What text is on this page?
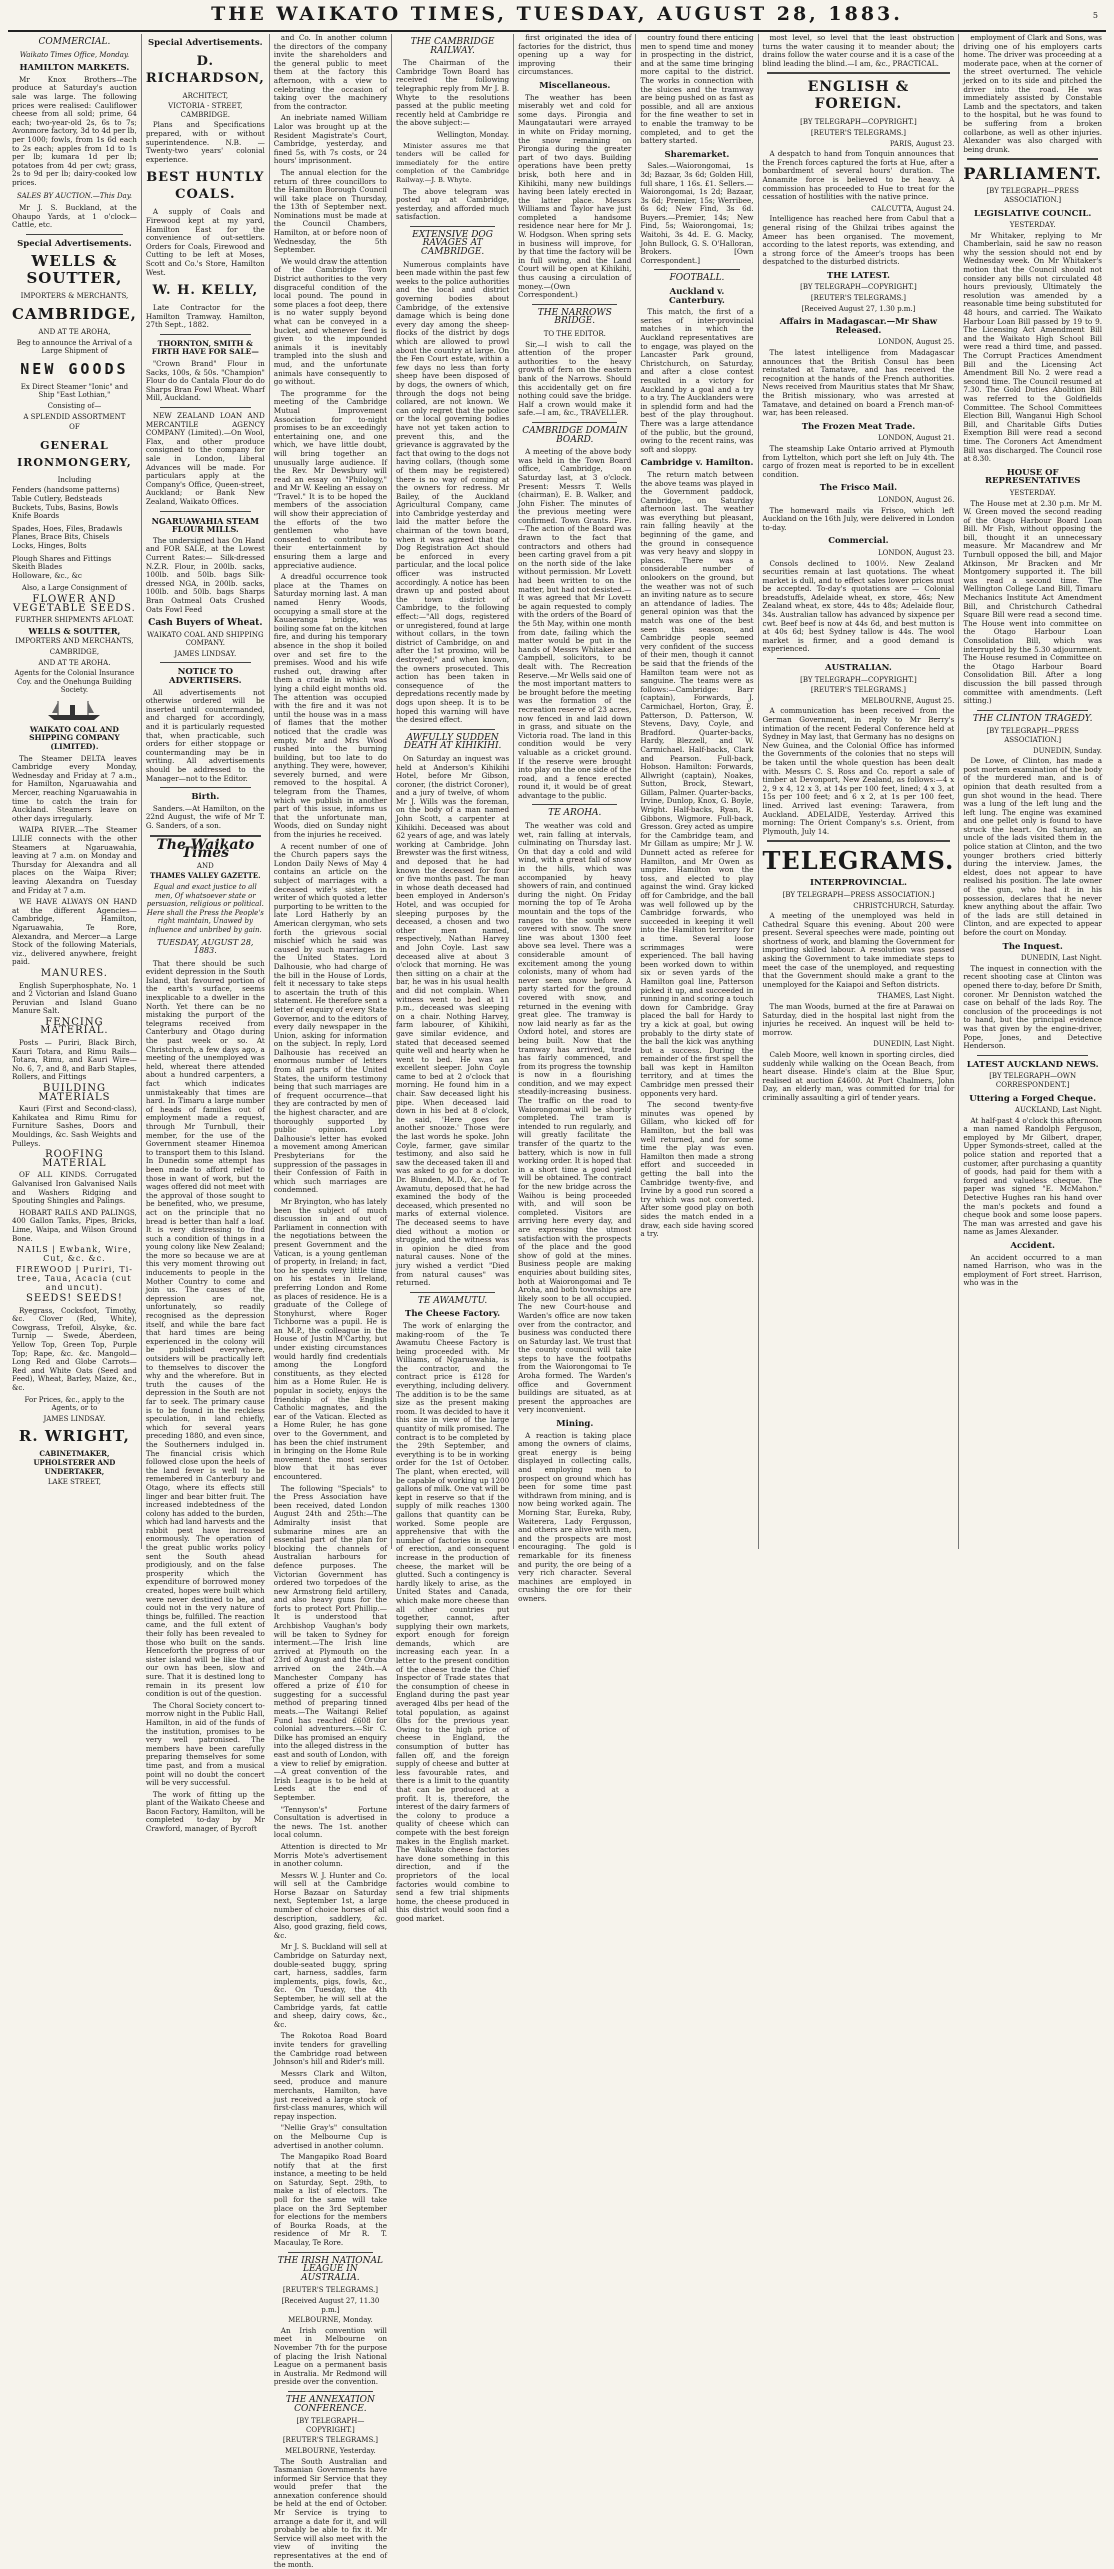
THE WAIKATO TIMES, TUESDAY, AUGUST 28, 1883.	5
COMMERCIAL.
Waikato Times Office, Monday.
HAMILTON MARKETS.

Mr Knox Brothers—The produce at Saturday's auction sale was large. The following prices were realised: Cauliflower cheese from all sold; prime, 64 each; two-year-old 2s, 6s to 7s; Avonmore factory, 3d to 4d per lb, per 1000; fowls, from 1s 6d each to 2s each; apples from 1d to 1s per lb; kumara 1d per lb; potatoes from 4d per cwt; grass, 2s to 9d per lb; dairy-cooked low prices.

SALES BY AUCTION.—This Day.

Mr J. S. Buckland, at the Ohaupo Yards, at 1 o'clock—Cattle, etc.

Special Advertisements.
WELLS & SOUTTER,
IMPORTERS & MERCHANTS,
CAMBRIDGE,
AND AT TE AROHA,
Beg to announce the Arrival of a Large Shipment of
NEW GOODS
Ex Direct Steamer "Ionic" and Ship "East Lothian,"
Consisting of—
A SPLENDID ASSORTMENT
OF
GENERAL IRONMONGERY,
Including
Fenders (handsome patterns)
Table Cutlery, Bedsteads
Buckets, Tubs, Basins, Bowls
Knife Boards
Spades, Hoes, Files, Bradawls
Planes, Brace Bits, Chisels
Locks, Hinges, Bolts
Plough Shares and Fittings
Skeith Blades
Holloware, &c., &c
Also, a Large Consignment of
FLOWER AND VEGETABLE SEEDS.
FURTHER SHIPMENTS AFLOAT.
WELLS & SOUTTER,
IMPORTERS AND MERCHANTS,
CAMBRIDGE,
AND AT TE AROHA.
Agents for the Colonial Insurance Coy. and the Onehunga Building Society.
WAIKATO COAL AND SHIPPING COMPANY (LIMITED).

The Steamer DELTA leaves Cambridge every Monday, Wednesday and Friday at 7 a.m., for Hamilton, Ngaruawahia and Mercer, reaching Ngaruawahia in time to catch the train for Auckland. Steamers leave on other days irregularly.

WAIPA RIVER.—The Steamer LILIE connects with the other Steamers at Ngaruawahia, leaving at 7 a.m. on Monday and Thursday for Alexandra and all places on the Waipa River; leaving Alexandra on Tuesday and Friday at 7 a.m.

WE HAVE ALWAYS ON HAND at the different Agencies—Cambridge, Hamilton, Ngaruawahia, Te Rore, Alexandra, and Mercer—a Large Stock of the following Materials, viz., delivered anywhere, freight paid.

MANURES.

English Superphosphate, No. 1 and 2 Victorian and Island Guano Peruvian and Island Guano Manure Salt.

FENCING MATERIAL.

Posts — Puriri, Black Birch, Kauri Totara, and Rimu Rails—Totara, Rimu, and Kauri Wire—No. 6, 7, and 8, and Barb Staples, Rollers, and Fittings

BUILDING MATERIALS

Kauri (First and Second-class), Kahikatea and Rimu Rimu for Furniture Sashes, Doors and Mouldings, &c. Sash Weights and Pulleys.

ROOFING MATERIAL

OF ALL KINDS. Corrugated Galvanised Iron Galvanised Nails and Washers Ridging and Spouting Shingles and Palings.

HOBART RAILS AND PALINGS, 400 Gallon Tanks, Pipes, Bricks, Lime, Waipa, and Wilson Ground Bone.

NAILS | Ewbank, Wire, Cut, &c. &c.
FIREWOOD | Puriri, Ti-tree, Taua, Acacia (cut and uncut).
SEEDS! SEEDS!

Ryegrass, Cocksfoot, Timothy, &c. Clover (Red, White), Cowgrass, Trefoil, Alsyke, &c. Turnip — Swede, Aberdeen, Yellow Top, Green Top, Purple Top; Rape, &c. &c. Mangold—Long Red and Globe Carrots—Red and White Oats (Seed and Feed), Wheat, Barley, Maize, &c., &c.

For Prices, &c., apply to the Agents, or to
JAMES LINDSAY.
R. WRIGHT,
CABINETMAKER, UPHOLSTERER AND UNDERTAKER,
LAKE STREET,
Special Advertisements.
D. RICHARDSON,
ARCHITECT,
VICTORIA - STREET, CAMBRIDGE.

Plans and Specifications prepared, with or without superintendence. N.B. — Twenty-two years' colonial experience.

BEST HUNTLY COALS.

A supply of Coals and Firewood kept at my yard, Hamilton East for the convenience of out-settlers. Orders for Coals, Firewood and Cutting to be left at Moses, Scott and Co.'s Store, Hamilton West.

W. H. KELLY,

Late Contractor for the Hamilton Tramway. Hamilton, 27th Sept., 1882.

THORNTON, SMITH & FIRTH HAVE FOR SALE—

"Crown Brand" Flour in Sacks, 100s, & 50s. "Champion" Flour do do Cantala Flour do do Sharps Bran Fowl Wheat. Wharf Mill, Auckland.

NEW ZEALAND LOAN AND MERCANTILE AGENCY COMPANY (Limited).—On Wool, Flax, and other produce consigned to the company for sale in London, Liberal Advances will be made. For particulars apply at the Company's Office, Queen-street, Auckland; or Bank New Zealand, Waikato Offices.

NGARUAWAHIA STEAM FLOUR MILLS.

The undersigned has On Hand and FOR SALE, at the Lowest Current Rates:— Silk-dressed N.Z.R. Flour, in 200lb. sacks, 100lb. and 50lb. bags Silk-dressed NGA, in 200lb. sacks, 100lb. and 50lb. bags Sharps Bran Oatmeal Oats Crushed Oats Fowl Feed

Cash Buyers of Wheat.
WAIKATO COAL AND SHIPPING COMPANY.
JAMES LINDSAY.
NOTICE TO ADVERTISERS.

All advertisements not otherwise ordered will be inserted until countermanded, and charged for accordingly, and it is particularly requested that, when practicable, such orders for either stoppage or countermanding may be in writing. All advertisements should be addressed to the Manager—not to the Editor.

Birth.

Sanders.—At Hamilton, on the 22nd August, the wife of Mr T. G. Sanders, of a son.

The Waikato Times
AND
THAMES VALLEY GAZETTE.
Equal and exact justice to all men, Of whatsoever state or persuasion, religious or political. Here shall the Press the People's right maintain, Unawed by influence and unbribed by gain.
TUESDAY, AUGUST 28, 1883.

That there should be such evident depression in the South Island, that favoured portion of the earth's surface, seems inexplicable to a dweller in the North. Yet there can be no mistaking the purport of the telegrams received from Canterbury and Otago during the past week or so. At Christchurch, a few days ago, a meeting of the unemployed was held, whereat there attended about a hundred carpenters, a fact which indicates unmistakeably that times are hard. In Timaru a large number of heads of families out of employment made a request, through Mr Turnbull, their member, for the use of the Government steamer Hinemoa to transport them to this Island. In Dunedin some attempt has been made to afford relief to those in want of work, but the wages offered did not meet with the approval of those sought to be benefited, who, we presume, act on the principle that no bread is better than half a loaf. It is very distressing to find such a condition of things in a young colony like New Zealand; the more so because we are at this very moment throwing out inducements to people in the Mother Country to come and join us. The causes of the depression are not, unfortunately, so readily recognised as the depression itself, and while the bare fact that hard times are being experienced in the colony will be published everywhere, outsiders will be practically left to themselves to discover the why and the wherefore. But in truth the causes of the depression in the South are not far to seek. The primary cause is to be found in the reckless speculation, in land chiefly, which for several years preceding 1880, and even since, the Southerners indulged in. The financial crisis which followed close upon the heels of the land fever is well to be remembered in Canterbury and Otago, where its effects still linger and bear bitter fruit. The increased indebtedness of the colony has added to the burden, which had land harvests and the rabbit pest have increased enormously. The operation of the great public works policy sent the South ahead prodigiously, and on the false prosperity which the expenditure of borrowed money created, hopes were built which were never destined to be, and could not in the very nature of things be, fulfilled. The reaction came, and the full extent of their folly has been revealed to those who built on the sands. Henceforth the progress of our sister island will be like that of our own has been, slow and sure. That it is destined long to remain in its present low condition is out of the question.

The Choral Society concert to-morrow night in the Public Hall, Hamilton, in aid of the funds of the institution, promises to be very well patronised. The members have been carefully preparing themselves for some time past, and from a musical point will no doubt the concert will be very successful.

The work of fitting up the plant of the Waikato Cheese and Bacon Factory, Hamilton, will be completed to-day by Mr Crawford, manager, of Bycroft

and Co. In another column the directors of the company invite the shareholders and the general public to meet them at the factory this afternoon, with a view to celebrating the occasion of taking over the machinery from the contractor.

An inebriate named William Lalor was brought up at the Resident Magistrate's Court, Cambridge, yesterday, and fined 5s, with 7s costs, or 24 hours' imprisonment.

The annual election for the return of three councillors to the Hamilton Borough Council will take place on Thursday, the 13th of September next. Nominations must be made at the Council Chambers, Hamilton, at or before noon of Wednesday, the 5th September.

We would draw the attention of the Cambridge Town District authorities to the very disgraceful condition of the local pound. The pound in some places a foot deep, there is no water supply beyond what can be conveyed in a bucket, and whenever feed is given to the impounded animals it is inevitably trampled into the slush and mud, and the unfortunate animals have consequently to go without.

The programme for the meeting of the Cambridge Mutual Improvement Association for to-night promises to be an exceedingly entertaining one, and one which, we have little doubt, will bring together an unusually large audience. If the Rev. Mr Dewsbury will read an essay on "Philology," and Mr W. Keeling an essay on "Travel." It is to be hoped the members of the association will show their appreciation of the efforts of the two gentlemen who have consented to contribute to their entertainment by ensuring them a large and appreciative audience.

A dreadful occurrence took place at the Thames on Saturday morning last. A man named Henry Woods, occupying a small store at the Kauaeranga bridge, was boiling some fat on the kitchen fire, and during his temporary absence in the shop it boiled over and set fire to the premises. Wood and his wife rushed out, drawing after them a cradle in which was lying a child eight months old. The attention was occupied with the fire and it was not until the house was in a mass of flames that the mother noticed that the cradle was empty. Mr and Mrs Wood rushed into the burning building, but too late to do anything. They were, however, severely burned, and were removed to the hospital. A telegram from the Thames, which we publish in another part of this issue, informs us that the unfortunate man, Woods, died on Sunday night from the injuries he received.

A recent number of one of the Church papers says the London Daily News of May 4 contains an article on the subject of marriages with a deceased wife's sister, the writer of which quoted a letter purporting to be written to the late Lord Hatherly by an American clergyman, who sets forth the grievous social mischief which he said was caused by such marriages in the United States. Lord Dalhousie, who had charge of the bill in the House of Lords, felt it necessary to take steps to ascertain the truth of this statement. He therefore sent a letter of enquiry of every State Governor, and to the editors of every daily newspaper in the Union, asking for information on the subject. In reply, Lord Dalhousie has received an enormous number of letters from all parts of the United States, the uniform testimony being that such marriages are of frequent occurrence—that they are contracted by men of the highest character, and are thoroughly supported by public opinion. Lord Dalhousie's letter has evoked a movement among American Presbyterians for the suppression of the passages in their Confession of Faith in which such marriages are condemned.

Mr Bryington, who has lately been the subject of much discussion in and out of Parliament in connection with the negotiations between the present Government and the Vatican, is a young gentleman of property, in Ireland; in fact, too he spends very little time on his estates in Ireland, preferring London and Rome as places of residence. He is a graduate of the College of Stonyhurst, where Roger Tichborne was a pupil. He is an M.P., the colleague in the House of Justin M'Carthy, but under existing circumstances would hardly find credentials among the Longford constituents, as they elected him as a Home Ruler. He is popular in society, enjoys the friendship of the English Catholic magnates, and the ear of the Vatican. Elected as a Home Ruler, he has gone over to the Government, and has been the chief instrument in bringing on the Home Rule movement the most serious blow that it has ever encountered.

The following "Specials" to the Press Association have been received, dated London August 24th and 25th:—The Admiralty insist that submarine mines are an essential part of the plan for blocking the channels of Australian harbours for defence purposes. The Victorian Government has ordered two torpedoes of the new Armstrong field artillery, and also heavy guns for the forts to protect Port Phillip.—It is understood that Archbishop Vaughan's body will be taken to Sydney for interment.—The Irish line arrived at Plymouth on the 23rd of August and the Oruba arrived on the 24th.—A Manchester Company has offered a prize of £10 for suggesting for a successful method of preparing tinned meats.—The Waitangi Relief Fund has reached £608 for colonial adventurers.—Sir C. Dilke has promised an enquiry into the alleged distress in the east and south of London, with a view to relief by emigration.—A great convention of the Irish League is to be held at Leeds at the end of September.

"Tennyson's" Fortune Consultation is advertised in the news. The 1st. another local column.

Attention is directed to Mr Morris Mote's advertisement in another column.

Messrs W. J. Hunter and Co. will sell at the Cambridge Horse Bazaar on Saturday next, September 1st, a large number of choice horses of all description, saddlery, &c. Also, good grazing, field cows, &c.

Mr J. S. Buckland will sell at Cambridge on Saturday next, double-seated buggy, spring cart, harness, saddles, farm implements, pigs, fowls, &c., &c. On Tuesday, the 4th September, he will sell at the Cambridge yards, fat cattle and sheep, dairy cows, &c., &c.

The Rokotoa Road Board invite tenders for gravelling the Cambridge road between Johnson's hill and Rider's mill.

Messrs Clark and Wilton, seed, produce and manure merchants, Hamilton, have just received a large stock of first-class manures, which will repay inspection.

"Nellie Gray's" consultation on the Melbourne Cup is advertised in another column.

The Mangapiko Road Board notify that at the first instance, a meeting to be held on Saturday, Sept. 29th, to make a list of electors. The poll for the same will take place on the 3rd September for elections for the members of Bourka Roads, at the residence of Mr R. T. Macaulay, Te Rore.

THE IRISH NATIONAL LEAGUE IN AUSTRALIA.
[REUTER'S TELEGRAMS.]
[Received August 27, 11.30 p.m.]
MELBOURNE, Monday.

An Irish convention will meet in Melbourne on November 7th for the purpose of placing the Irish National League on a permanent basis in Australia. Mr Redmond will preside over the convention.

THE ANNEXATION CONFERENCE.
[BY TELEGRAPH—COPYRIGHT.]
[REUTER'S TELEGRAMS.]
MELBOURNE, Yesterday.

The South Australian and Tasmanian Governments have informed Sir Service that they would prefer that the annexation conference should be held at the end of October. Mr Service is trying to arrange a date for it, and will probably be able to fix it. Mr Service will also meet with the view of inviting the representatives at the end of the month.

THE CAMBRIDGE RAILWAY.

The Chairman of the Cambridge Town Board has received the following telegraphic reply from Mr J. B. Whyte to the resolutions passed at the public meeting recently held at Cambridge re the above subject:—

Wellington, Monday.

Minister assures me that tenders will be called for immediately for the entire completion of the Cambridge Railway.—J. B. Whyte.

The above telegram was posted up at Cambridge, yesterday, and afforded much satisfaction.

EXTENSIVE DOG RAVAGES AT CAMBRIDGE.

Numerous complaints have been made within the past few weeks to the police authorities and the local and district governing bodies about Cambridge, of the extensive damage which is being done every day among the sheep-flocks of the district by dogs which are allowed to prowl about the country at large. On the Fen Court estate, within a few days no less than forty sheep have been disposed of by dogs, the owners of which, through the dogs not being collared, are not known. We can only regret that the police or the local governing bodies have not yet taken action to prevent this, and the grievance is aggravated by the fact that owing to the dogs not having collars, (though some of them may be registered) there is no way of coming at the owners for redress. Mr Bailey, of the Auckland Agricultural Company, came into Cambridge yesterday and laid the matter before the chairman of the town board, when it was agreed that the Dog Registration Act should be enforced in every particular, and the local police officer was instructed accordingly. A notice has been drawn up and posted about the town district of Cambridge, to the following effect:—"All dogs, registered or unregistered, found at large without collars, in the town district of Cambridge, on and after the 1st proximo, will be destroyed;" and when known, the owners prosecuted. This action has been taken in consequence of the depredations recently made by dogs upon sheep. It is to be hoped this warning will have the desired effect.

AWFULLY SUDDEN DEATH AT KIHIKIHI.

On Saturday an inquest was held at Anderson's Kihikihi Hotel, before Mr Gibson, coroner, (the district Coroner), and a jury of twelve, of whom Mr J. Wills was the foreman, on the body of a man named John Scott, a carpenter at Kihikihi. Deceased was about 62 years of age, and was lately working at Cambridge. John Brewster was the first witness, and deposed that he had known the deceased for four or five months past. The man in whose death deceased had been employed in Anderson's Hotel, and was occupied for sleeping purposes by the deceased, a chosen and two other men named, respectively, Nathan Harvey and John Coyle. Last saw deceased alive at about 3 o'clock that morning. He was then sitting on a chair at the bar, he was in his usual health and did not complain. When witness went to bed at 11 p.m., deceased was sleeping on a chair. Nothing Harvey, farm labourer, of Kihikihi, gave similar evidence, and stated that deceased seemed quite well and hearty when he went to bed. He was an excellent sleeper. John Coyle came to bed at 2 o'clock that morning. He found him in a chair. Saw deceased light his pipe. When deceased laid down in his bed at 8 o'clock, he said, 'Here goes for another snooze.' Those were the last words he spoke. John Coyle, farmer, gave similar testimony, and also said he saw the deceased taken ill and was asked to go for a doctor. Dr. Blunden, M.D., &c., of Te Awamutu, deposed that he had examined the body of the deceased, which presented no marks of external violence. The deceased seems to have died without a motion or struggle, and the witness was in opinion he died from natural causes. None of the jury wished a verdict "Died from natural causes" was returned.

TE AWAMUTU.
The Cheese Factory.

The work of enlarging the making-room of the Te Awamutu Cheese Factory is being proceeded with. Mr Williams, of Ngaruawahia, is the contractor, and the contract price is £128 for everything, including delivery. The addition is to be the same size as the present making room. It was decided to have it this size in view of the large quantity of milk promised. The contract is to be completed by the 29th September, and everything is to be in working order for the 1st of October. The plant, when erected, will be capable of working up 1200 gallons of milk. One vat will be kept in reserve so that if the supply of milk reaches 1300 gallons that quantity can be worked. Some people are apprehensive that with the number of factories in course of erection, and consequent increase in the production of cheese, the market will be glutted. Such a contingency is hardly likely to arise, as the United States and Canada, which make more cheese than all other countries put together, cannot, after supplying their own markets, export enough for foreign demands, which are increasing each year. In a letter to the present condition of the cheese trade the Chief Inspector of Trade states that the consumption of cheese in England during the past year averaged 4lbs per head of the total population, as against 6lbs for the previous year. Owing to the high price of cheese in England, the consumption of butter has fallen off, and the foreign supply of cheese and butter at less favourable rates, and there is a limit to the quantity that can be produced at a profit. It is, therefore, the interest of the dairy farmers of the colony to produce a quality of cheese which can compete with the best foreign makes in the English market. The Waikato cheese factories have done something in this direction, and if the proprietors of the local factories would combine to send a few trial shipments home, the cheese produced in this district would soon find a good market.

first originated the idea of factories for the district, thus opening up a way for improving their circumstances.

Miscellaneous.

The weather has been miserably wet and cold for some days. Pirongia and Maungatautari were arrayed in white on Friday morning, the snow remaining on Pirongia during the greater part of two days. Building operations have been pretty brisk, both here and in Kihikihi, many new buildings having been lately erected in the latter place. Messrs Williams and Taylor have just completed a handsome residence near here for Mr J. W. Hodgson. When spring sets in business will improve, for by that time the factory will be in full swing, and the Land Court will be open at Kihikihi, thus causing a circulation of money.—(Own Correspondent.)

THE NARROWS BRIDGE.
TO THE EDITOR.

Sir,—I wish to call the attention of the proper authorities to the heavy growth of fern on the eastern bank of the Narrows. Should this accidentally get on fire nothing could save the bridge. Half a crown would make it safe.—I am, &c., TRAVELLER.

CAMBRIDGE DOMAIN BOARD.

A meeting of the above body was held in the Town Board office, Cambridge, on Saturday last, at 3 o'clock. Present: Messrs T. Wells (chairman), E. B. Walker, and John Fisher. The minutes of the previous meeting were confirmed. Town Grants. Fire.—The action of the Board was drawn to the fact that contractors and others had been carting gravel from a pit on the north side of the lake without permission. Mr Lovett had been written to on the matter, but had not desisted.—It was agreed that Mr Lovett be again requested to comply with the orders of the Board of the 5th May, within one month from date, failing which the matter would be put in the hands of Messrs Whitaker and Campbell, solicitors, to be dealt with. The Recreation Reserve.—Mr Wells said one of the most important matters to be brought before the meeting was the formation of the recreation reserve of 23 acres, now fenced in and laid down in grass, and situate on the Victoria road. The land in this condition would be very valuable as a cricket ground. If the reserve were brought into play on the one side of the road, and a fence erected round it, it would be of great advantage to the public.

TE AROHA.

The weather was cold and wet, rain falling at intervals, culminating on Thursday last. On that day a cold and wild wind, with a great fall of snow in the hills, which was accompanied by heavy showers of rain, and continued during the night. On Friday morning the top of Te Aroha mountain and the tops of the ranges to the south were covered with snow. The snow line was about 1300 feet above sea level. There was a considerable amount of excitement among the young colonists, many of whom had never seen snow before. A party started for the ground covered with snow, and returned in the evening with great glee. The tramway is now laid nearly as far as the Oxford hotel, and stores are being built. Now that the tramway has arrived, trade has fairly commenced, and from its progress the township is now in a flourishing condition, and we may expect steadily-increasing business. The traffic on the road to Waiorongomai will be shortly completed. The tram is intended to run regularly, and will greatly facilitate the transfer of the quartz to the battery, which is now in full working order. It is hoped that in a short time a good yield will be obtained. The contract for the new bridge across the Waihou is being proceeded with, and will soon be completed. Visitors are arriving here every day, and are expressing the utmost satisfaction with the prospects of the place and the good show of gold at the mines. Business people are making enquiries about building sites, both at Waiorongomai and Te Aroha, and both townships are likely soon to be all occupied. The new Court-house and Warden's office are now taken over from the contractor, and business was conducted there on Saturday last. We trust that the county council will take steps to have the footpaths from the Waiorongomai to Te Aroha formed. The Warden's office and Government buildings are situated, as at present the approaches are very inconvenient.

Mining.

A reaction is taking place among the owners of claims, great energy is being displayed in collecting calls, and employing men to prospect on ground which has been for some time past withdrawn from mining, and is now being worked again. The Morning Star, Eureka, Ruby, Waiterera, Lady Fergusson, and others are alive with men, and the prospects are most encouraging. The gold is remarkable for its fineness and purity, the ore being of a very rich character. Several machines are employed in crushing the ore for their owners.

country found there enticing men to spend time and money in prospecting in the district, and at the same time bringing more capital to the district. The works in connection with the sluices and the tramway are being pushed on as fast as possible, and all are anxious for the fine weather to set in to enable the tramway to be completed, and to get the battery started.

Sharemarket.

Sales.—Waiorongomai, 1s 3d; Bazaar, 3s 6d; Golden Hill, full share, 1 16s. £1. Sellers.—Waiorongomai, 1s 2d; Bazaar, 3s 6d; Premier, 15s; Werribee, 6s 6d; New Find, 3s 6d. Buyers.—Premier, 14s; New Find, 5s; Waiorongomai, 1s; Waitohi, 3s 4d. E. G. Macky, John Bullock, G. S. O'Halloran, Brokers. [Own Correspondent.]

FOOTBALL.
Auckland v. Canterbury.

This match, the first of a series of inter-provincial matches in which the Auckland representatives are to engage, was played on the Lancaster Park ground, Christchurch, on Saturday, and after a close contest resulted in a victory for Auckland by a goal and a try to a try. The Aucklanders were in splendid form and had the best of the play throughout. There was a large attendance of the public, but the ground, owing to the recent rains, was soft and sloppy.

Cambridge v. Hamilton.

The return match between the above teams was played in the Government paddock, Cambridge, on Saturday afternoon last. The weather was everything but pleasant, rain falling heavily at the beginning of the game, and the ground in consequence was very heavy and sloppy in places. There was a considerable number of onlookers on the ground, but the weather was not of such an inviting nature as to secure an attendance of ladies. The general opinion was that the match was one of the best seen this season, and Cambridge people seemed very confident of the success of their men, though it cannot be said that the friends of the Hamilton team were not as sanguine. The teams were as follows:—Cambridge: Barr (captain), Forwards, J. Carmichael, Horton, Gray, E. Patterson, D. Patterson, W. Stevens, Davy, Coyle, and Bradford. Quarter-backs, Hardy, Blezzell, and W. Carmichael. Half-backs, Clark and Pearson. Full-back, Hobson. Hamilton: Forwards, Allwright (captain), Noakes, Sutton, Brock, Stewart, Gillam, Palmer. Quarter-backs, Irvine, Dunlop, Knox, G. Boyle, Wright. Half-backs, Ryan, R. Gibbons, Wigmore. Full-back, Gresson. Grey acted as umpire for the Cambridge team, and Mr Gillam as umpire; Mr J. W. Dunnett acted as referee for Hamilton, and Mr Owen as umpire. Hamilton won the toss, and elected to play against the wind. Gray kicked off for Cambridge, and the ball was well followed up by the Cambridge forwards, who succeeded in keeping it well into the Hamilton territory for a time. Several loose scrimmages were experienced. The ball having been worked down to within six or seven yards of the Hamilton goal line, Patterson picked it up, and succeeded in running in and scoring a touch down for Cambridge. Gray placed the ball for Hardy to try a kick at goal, but owing probably to the dirty state of the ball the kick was anything but a success. During the remainder of the first spell the ball was kept in Hamilton territory, and at times the Cambridge men pressed their opponents very hard.

The second twenty-five minutes was opened by Gillam, who kicked off for Hamilton, but the ball was well returned, and for some time the play was even. Hamilton then made a strong effort and succeeded in getting the ball into the Cambridge twenty-five, and Irvine by a good run scored a try which was not converted. After some good play on both sides the match ended in a draw, each side having scored a try.

most level, so level that the least obstruction turns the water causing it to meander about; the drains follow the water course and it is a case of the blind leading the blind.—I am, &c., PRACTICAL.

ENGLISH & FOREIGN.
[BY TELEGRAPH—COPYRIGHT.]
[REUTER'S TELEGRAMS.]
PARIS, August 23.

A despatch to hand from Tonquin announces that the French forces captured the forts at Hue, after a bombardment of several hours' duration. The Annamite force is believed to be heavy. A commission has proceeded to Hue to treat for the cessation of hostilities with the native prince.

CALCUTTA, August 24.

Intelligence has reached here from Cabul that a general rising of the Ghilzai tribes against the Ameer has been organised. The movement, according to the latest reports, was extending, and a strong force of the Ameer's troops has been despatched to the disturbed districts.

THE LATEST.
[BY TELEGRAPH—COPYRIGHT.]
[REUTER'S TELEGRAMS.]
[Received August 27, 1.30 p.m.]
Affairs in Madagascar.—Mr Shaw Released.
LONDON, August 25.

The latest intelligence from Madagascar announces that the British Consul has been reinstated at Tamatave, and has received the recognition at the hands of the French authorities. News received from Mauritius states that Mr Shaw, the British missionary, who was arrested at Tamatave, and detained on board a French man-of-war, has been released.

The Frozen Meat Trade.
LONDON, August 21.

The steamship Lake Ontario arrived at Plymouth from Lyttelton, which port she left on July 4th. The cargo of frozen meat is reported to be in excellent condition.

The Frisco Mail.
LONDON, August 26.

The homeward mails via Frisco, which left Auckland on the 16th July, were delivered in London to-day.

Commercial.
LONDON, August 23.

Consols declined to 100½. New Zealand securities remain at last quotations. The wheat market is dull, and to effect sales lower prices must be accepted. To-day's quotations are — Colonial breadstuffs, Adelaide wheat, ex store, 46s; New Zealand wheat, ex store, 44s to 48s; Adelaide flour, 34s. Australian tallow has advanced by sixpence per cwt. Beef beef is now at 44s 6d, and best mutton is at 40s 6d; best Sydney tallow is 44s. The wool market is firmer, and a good demand is experienced.

AUSTRALIAN.
[BY TELEGRAPH—COPYRIGHT.]
[REUTER'S TELEGRAMS.]
MELBOURNE, August 25.

A communication has been received from the German Government, in reply to Mr Berry's intimation of the recent Federal Conference held at Sydney in May last, that Germany has no designs on New Guinea, and the Colonial Office has informed the Governments of the colonies that no steps will be taken until the whole question has been dealt with. Messrs C. S. Ross and Co. report a sale of timber at Devonport, New Zealand, as follows:—4 x 2, 9 x 4, 12 x 3, at 14s per 100 feet, lined; 4 x 3, at 15s per 100 feet; and 6 x 2, at 1s per 100 feet, lined. Arrived last evening: Tarawera, from Auckland. ADELAIDE, Yesterday. Arrived this morning: The Orient Company's s.s. Orient, from Plymouth, July 14.

TELEGRAMS.
INTERPROVINCIAL.
[BY TELEGRAPH—PRESS ASSOCIATION.]
CHRISTCHURCH, Saturday.

A meeting of the unemployed was held in Cathedral Square this evening. About 200 were present. Several speeches were made, pointing out shortness of work, and blaming the Government for importing skilled labour. A resolution was passed asking the Government to take immediate steps to meet the case of the unemployed, and requesting that the Government should make a grant to the unemployed for the Kaiapoi and Sefton districts.

THAMES, Last Night.

The man Woods, burned at the fire at Parawai on Saturday, died in the hospital last night from the injuries he received. An inquest will be held to-morrow.

DUNEDIN, Last Night.

Caleb Moore, well known in sporting circles, died suddenly while walking on the Ocean Beach, from heart disease. Hinde's claim at the Blue Spur, realised at auction £4600. At Port Chalmers, John Day, an elderly man, was committed for trial for criminally assaulting a girl of tender years.

employment of Clark and Sons, was driving one of his employers carts home. The driver was proceeding at a moderate pace, when at the corner of the street overturned. The vehicle jerked on to its side and pitched the driver into the road. He was immediately assisted by Constable Lamb and the spectators, and taken to the hospital, but he was found to be suffering from a broken collarbone, as well as other injuries. Alexander was also charged with being drunk.

PARLIAMENT.
[BY TELEGRAPH—PRESS ASSOCIATION.]
LEGISLATIVE COUNCIL.
YESTERDAY.

Mr Whitaker, replying to Mr Chamberlain, said he saw no reason why the session should not end by Wednesday week. On Mr Whitaker's motion that the Council should not consider any bills not circulated 48 hours previously, Ultimately the resolution was amended by a reasonable time being substituted for 48 hours, and carried. The Waikato Harbour Loan Bill passed by 19 to 9. The Licensing Act Amendment Bill and the Waikato High School Bill were read a third time, and passed. The Corrupt Practices Amendment Bill and the Licensing Act Amendment Bill No. 2 were read a second time. The Council resumed at 7.30. The Gold Duties Abolition Bill was referred to the Goldfields Committee. The School Committees Election Bill, Wanganui High School Bill, and Charitable Gifts Duties Exemption Bill were read a second time. The Coroners Act Amendment Bill was discharged. The Council rose at 8.30.

HOUSE OF REPRESENTATIVES
YESTERDAY.

The House met at 2.30 p.m. Mr M. W. Green moved the second reading of the Otago Harbour Board Loan Bill. Mr Fish, without opposing the bill, thought it an unnecessary measure. Mr Macandrew and Mr Turnbull opposed the bill, and Major Atkinson, Mr Bracken and Mr Montgomery supported it. The bill was read a second time. The Wellington College Land Bill, Timaru Mechanics Institute Act Amendment Bill, and Christchurch Cathedral Square Bill were read a second time. The House went into committee on the Otago Harbour Loan Consolidation Bill, which was interrupted by the 5.30 adjournment. The House resumed in Committee on the Otago Harbour Board Consolidation Bill. After a long discussion the bill passed through committee with amendments. (Left sitting.)

THE CLINTON TRAGEDY.
[BY TELEGRAPH—PRESS ASSOCIATION.]
DUNEDIN, Sunday.

De Lowe, of Clinton, has made a post mortem examination of the body of the murdered man, and is of opinion that death resulted from a gun shot wound in the head. There was a lung of the left lung and the left lung. The engine was examined and one pellet only is found to have struck the heart. On Saturday, an uncle of the lads visited them in the police station at Clinton, and the two younger brothers cried bitterly during the interview. James, the eldest, does not appear to have realised his position. The late owner of the gun, who had it in his possession, declares that he never knew anything about the affair. Two of the lads are still detained in Clinton, and are expected to appear before the court on Monday.

The Inquest.
DUNEDIN, Last Night.

The inquest in connection with the recent shooting case at Clinton was opened there to-day, before Dr Smith, coroner. Mr Denniston watched the case on behalf of the lads Roy. The conclusion of the proceedings is not to hand, but the principal evidence was that given by the engine-driver, Pope, Jones, and Detective Henderson.

LATEST AUCKLAND NEWS.
[BY TELEGRAPH—OWN CORRESPONDENT.]
Uttering a Forged Cheque.
AUCKLAND, Last Night.

At half-past 4 o'clock this afternoon a man named Randolph Ferguson, employed by Mr Gilbert, draper, Upper Symonds-street, called at the police station and reported that a customer, after purchasing a quantity of goods, had paid for them with a forged and valueless cheque. The paper was signed "E. McMahon." Detective Hughes ran his hand over the man's pockets and found a cheque book and some loose papers. The man was arrested and gave his name as James Alexander.

Accident.

An accident occurred to a man named Harrison, who was in the employment of Fort street. Harrison, who was in the
